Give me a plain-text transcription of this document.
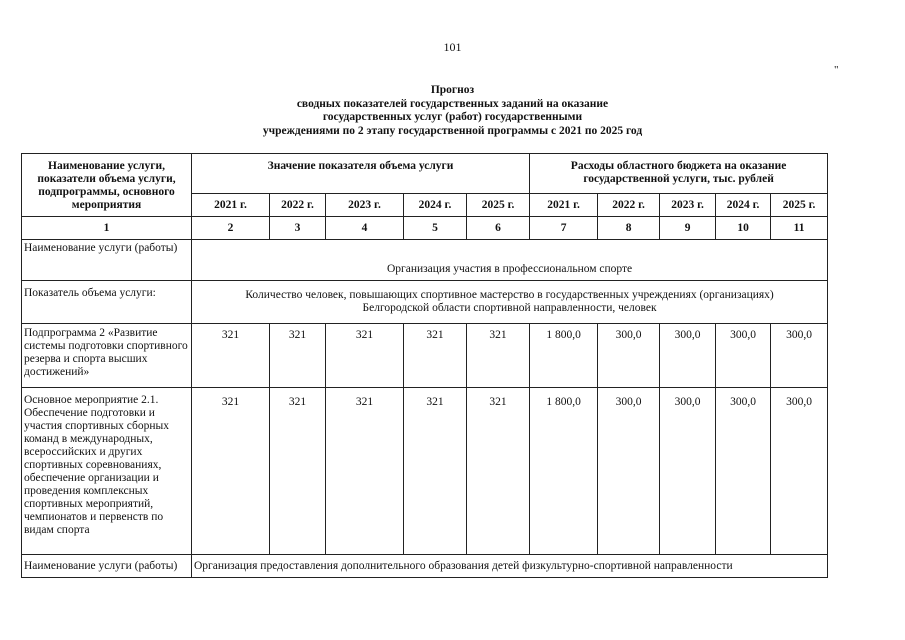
101
"
Прогноз
сводных показателей государственных заданий на оказание
государственных услуг (работ) государственными
учреждениями по 2 этапу государственной программы с 2021 по 2025 год
Наименование услуги, показатели объема услуги, подпрограммы, основного мероприятия	Значение показателя объема услуги					Расходы областного бюджета на оказание государственной услуги, тыс. рублей				
	2021 г.	2022 г.	2023 г.	2024 г.	2025 г.	2021 г.	2022 г.	2023 г.	2024 г.	2025 г.
1	2	3	4	5	6	7	8	9	10	11
Наименование услуги (работы)	Организация участия в профессиональном спорте									
Показатель объема услуги:	Количество человек, повышающих спортивное мастерство в государственных учреждениях (организациях) Белгородской области спортивной направленности, человек									
Подпрограмма 2 «Развитие системы подготовки спортивного резерва и спорта высших достижений»	321	321	321	321	321	1 800,0	300,0	300,0	300,0	300,0
Основное мероприятие 2.1. Обеспечение подготовки и участия спортивных сборных команд в международных, всероссийских и других спортивных соревнованиях, обеспечение организации и проведения комплексных спортивных мероприятий, чемпионатов и первенств по видам спорта	321	321	321	321	321	1 800,0	300,0	300,0	300,0	300,0
Наименование услуги (работы)	Организация предоставления дополнительного образования детей физкультурно-спортивной направленности									
